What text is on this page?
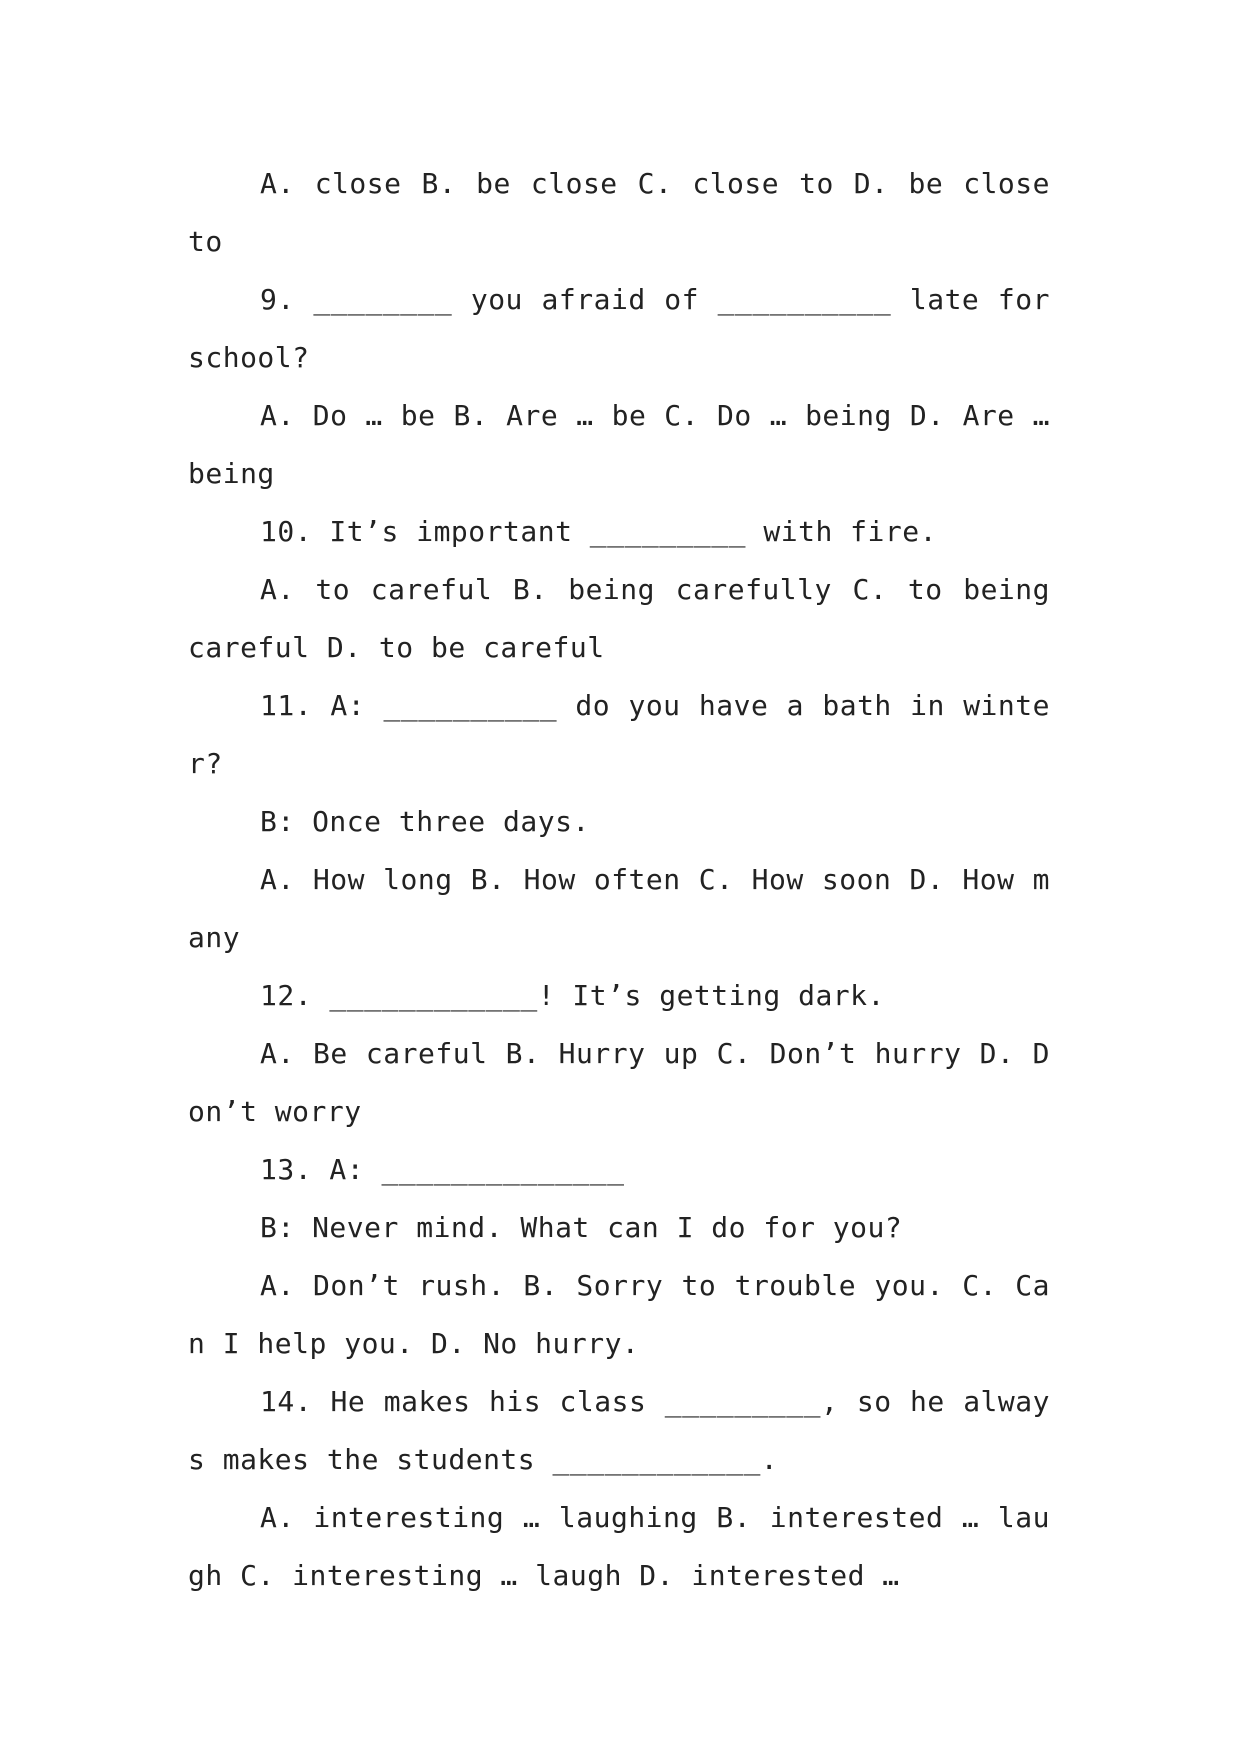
A. close B. be close C. close to D. be close to

9. ________ you afraid of __________ late for school?

A. Do … be B. Are … be C. Do … being D. Are … being

10. It’s important _________ with fire.

A. to careful B. being carefully C. to being careful D. to be careful

11. A: __________ do you have a bath in winter?

B: Once three days.

A. How long B. How often C. How soon D. How many

12. ____________! It’s getting dark.

A. Be careful B. Hurry up C. Don’t hurry D. Don’t worry

13. A: ______________

B: Never mind. What can I do for you?

A. Don’t rush. B. Sorry to trouble you. C. Can I help you. D. No hurry.

14. He makes his class _________, so he always makes the students ____________.

A. interesting … laughing B. interested … laugh C. interesting … laugh D. interested …
